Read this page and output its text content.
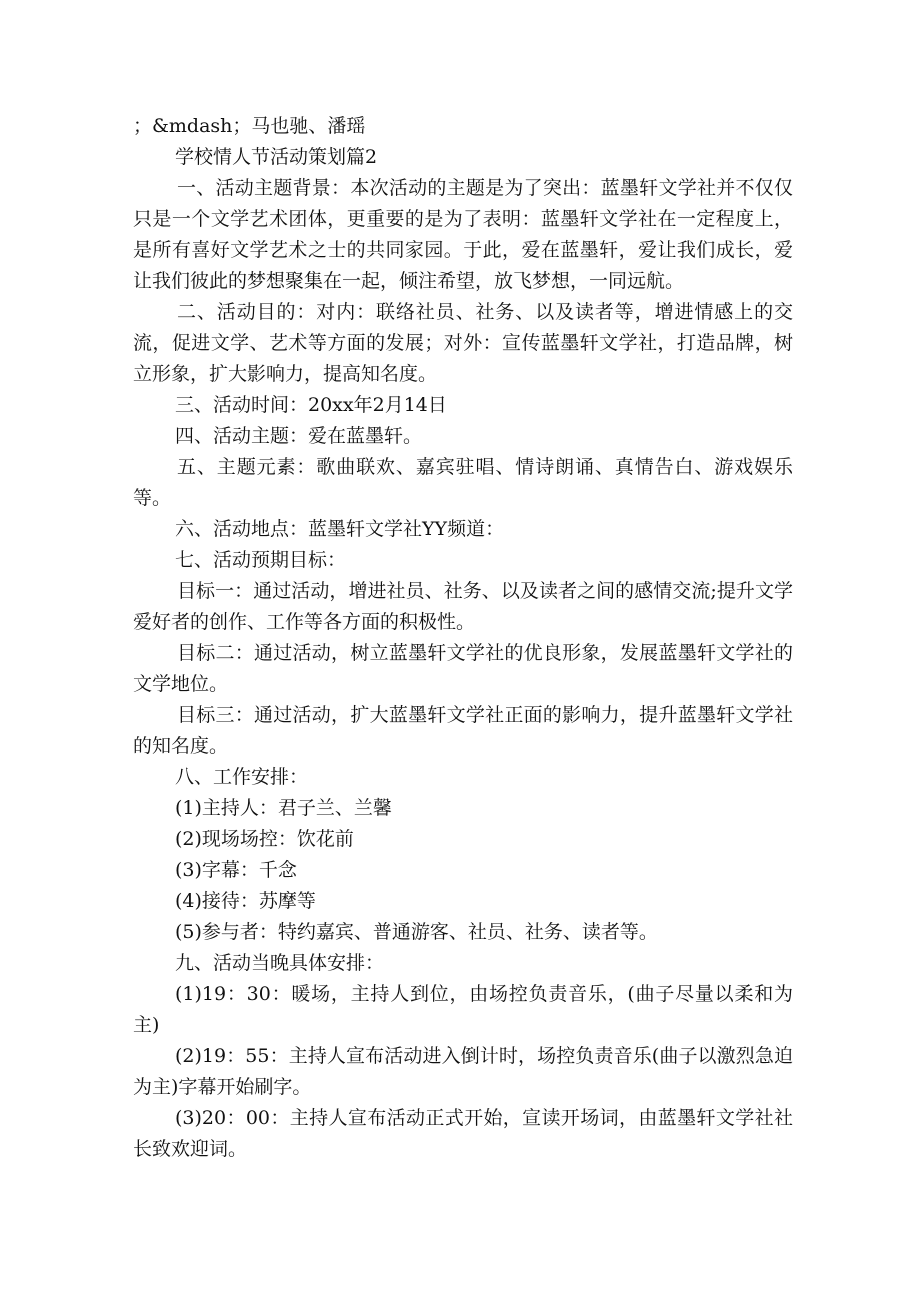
；&mdash；马也驰、潘瑶

学校情人节活动策划篇2

一、活动主题背景：本次活动的主题是为了突出：蓝墨轩文学社并不仅仅只是一个文学艺术团体，更重要的是为了表明：蓝墨轩文学社在一定程度上，是所有喜好文学艺术之士的共同家园。于此，爱在蓝墨轩，爱让我们成长，爱让我们彼此的梦想聚集在一起，倾注希望，放飞梦想，一同远航。

二、活动目的：对内：联络社员、社务、以及读者等，增进情感上的交流，促进文学、艺术等方面的发展；对外：宣传蓝墨轩文学社，打造品牌，树立形象，扩大影响力，提高知名度。

三、活动时间：20xx年2月14日

四、活动主题：爱在蓝墨轩。

五、主题元素：歌曲联欢、嘉宾驻唱、情诗朗诵、真情告白、游戏娱乐等。

六、活动地点：蓝墨轩文学社YY频道：

七、活动预期目标：

目标一：通过活动，增进社员、社务、以及读者之间的感情交流;提升文学爱好者的创作、工作等各方面的积极性。

目标二：通过活动，树立蓝墨轩文学社的优良形象，发展蓝墨轩文学社的文学地位。

目标三：通过活动，扩大蓝墨轩文学社正面的影响力，提升蓝墨轩文学社的知名度。

八、工作安排：

(1)主持人：君子兰、兰馨

(2)现场场控：饮花前

(3)字幕：千念

(4)接待：苏摩等

(5)参与者：特约嘉宾、普通游客、社员、社务、读者等。

九、活动当晚具体安排：

(1)19：30：暖场，主持人到位，由场控负责音乐，(曲子尽量以柔和为主)

(2)19：55：主持人宣布活动进入倒计时，场控负责音乐(曲子以激烈急迫为主)字幕开始刷字。

(3)20：00：主持人宣布活动正式开始，宣读开场词，由蓝墨轩文学社社长致欢迎词。
